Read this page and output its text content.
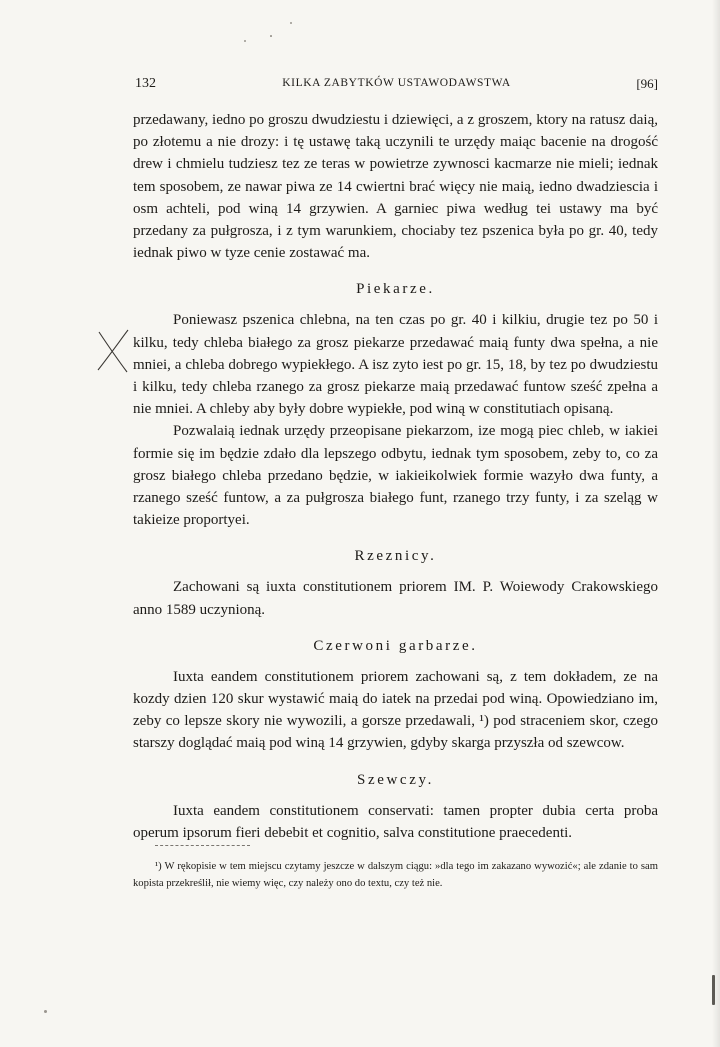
132	KILKA ZABYTKÓW USTAWODAWSTWA	[96]

przedawany, iedno po groszu dwudziestu i dziewięci, a z groszem, ktory na ratusz daią, po złotemu a nie drozy: i tę ustawę taką uczynili te urzędy maiąc bacenie na drogość drew i chmielu tudziesz tez ze teras w powietrze zywnosci kacmarze nie mieli; iednak tem sposobem, ze nawar piwa ze 14 cwiertni brać więcy nie maią, iedno dwadziescia i osm achteli, pod winą 14 grzywien. A garniec piwa według tei ustawy ma być przedany za pułgrosza, i z tym warunkiem, chociaby tez pszenica była po gr. 40, tedy iednak piwo w tyze cenie zostawać ma.

Piekarze.

Poniewasz pszenica chlebna, na ten czas po gr. 40 i kilkiu, drugie tez po 50 i kilku, tedy chleba białego za grosz piekarze przedawać maią funty dwa spełna, a nie mniei, a chleba dobrego wypiekłego. A isz zyto iest po gr. 15, 18, by tez po dwudziestu i kilku, tedy chleba rzanego za grosz piekarze maią przedawać funtow sześć zpełna a nie mniei. A chleby aby były dobre wypiekłe, pod winą w constitutiach opisaną.

Pozwalaią iednak urzędy przeopisane piekarzom, ize mogą piec chleb, w iakiei formie się im będzie zdało dla lepszego odbytu, iednak tym sposobem, zeby to, co za grosz białego chleba przedano będzie, w iakieikolwiek formie wazyło dwa funty, a rzanego sześć funtow, a za pułgrosza białego funt, rzanego trzy funty, i za szeląg w takieize proportyei.

Rzeznicy.

Zachowani są iuxta constitutionem priorem IM. P. Woiewody Crakowskiego anno 1589 uczynioną.

Czerwoni garbarze.

Iuxta eandem constitutionem priorem zachowani są, z tem dokładem, ze na kozdy dzien 120 skur wystawić maią do iatek na przedai pod winą. Opowiedziano im, zeby co lepsze skory nie wywozili, a gorsze przedawali, ¹) pod straceniem skor, czego starszy doglądać maią pod winą 14 grzywien, gdyby skarga przyszła od szewcow.

Szewczy.

Iuxta eandem constitutionem conservati: tamen propter dubia certa proba operum ipsorum fieri debebit et cognitio, salva constitutione praecedenti.

¹) W rękopisie w tem miejscu czytamy jeszcze w dalszym ciągu: »dla tego im zakazano wywozić«; ale zdanie to sam kopista przekreślił, nie wiemy więc, czy należy ono do textu, czy też nie.
